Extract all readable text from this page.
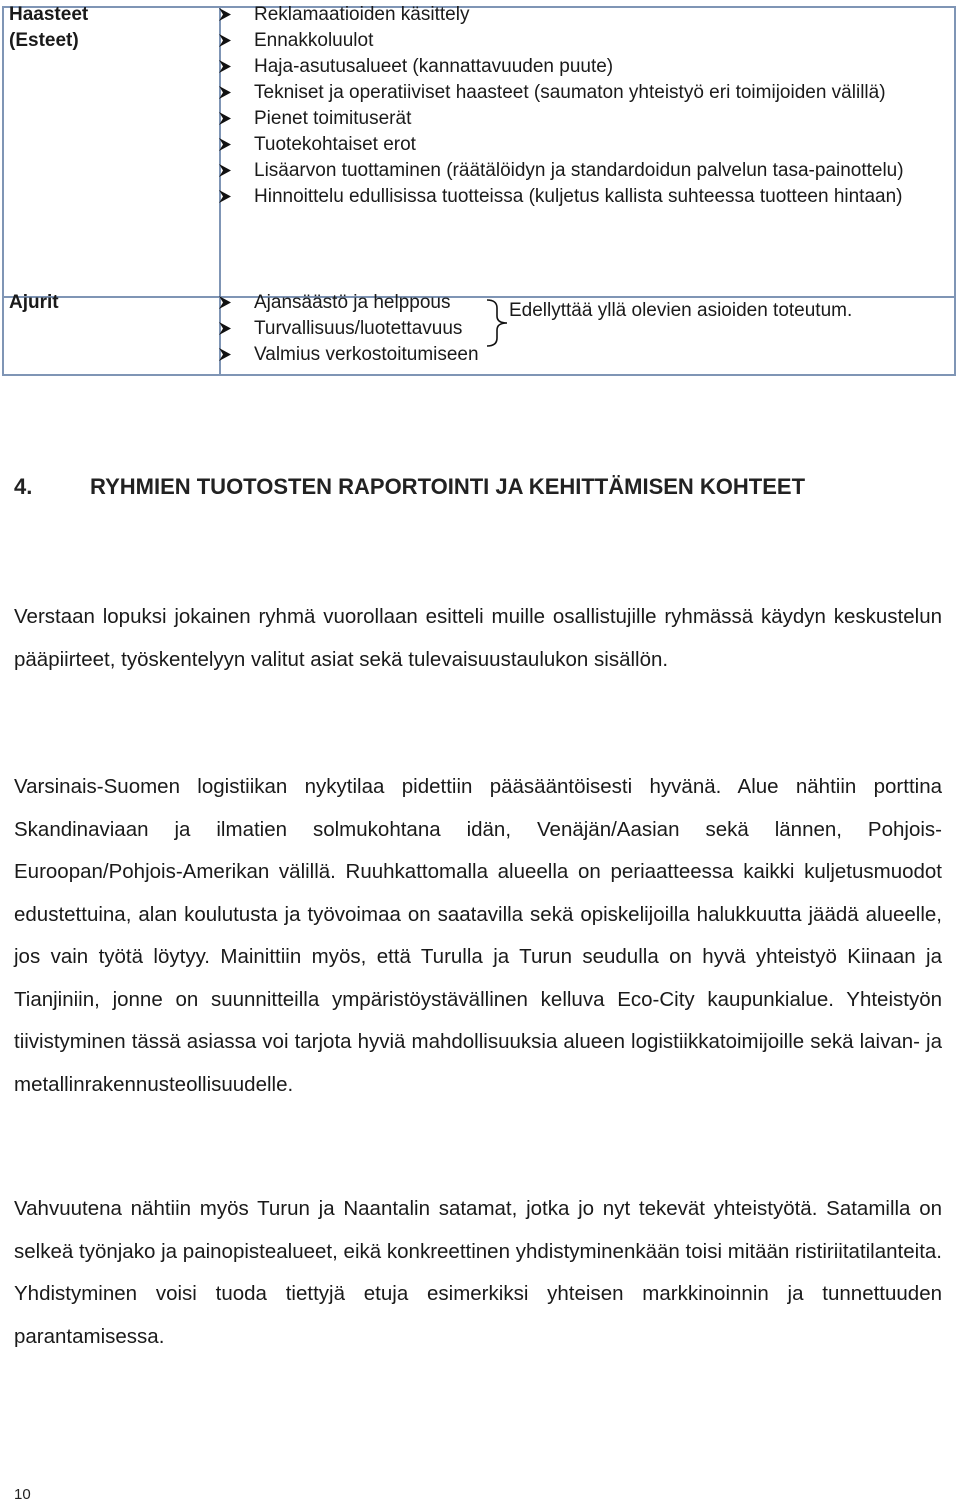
Haasteet
(Esteet)
Ajurit
Reklamaatioiden käsittely
Ennakkoluulot
Haja-asutusalueet (kannattavuuden puute)
Tekniset ja operatiiviset haasteet (saumaton yhteistyö eri toimijoiden välillä)
Pienet toimituserät
Tuotekohtaiset erot
Lisäarvon tuottaminen (räätälöidyn ja standardoidun palvelun tasa-painottelu)
Hinnoittelu edullisissa tuotteissa (kuljetus kallista suhteessa tuotteen hintaan)
Ajansäästö ja helppous
Turvallisuus/luotettavuus
Valmius verkostoitumiseen
Edellyttää yllä olevien asioiden toteutum.
4.	RYHMIEN TUOTOSTEN RAPORTOINTI JA KEHITTÄMISEN KOHTEET

Verstaan lopuksi jokainen ryhmä vuorollaan esitteli muille osallistujille ryhmässä käydyn keskustelun pääpiirteet, työskentelyyn valitut asiat sekä tulevaisuustaulukon sisällön.

Varsinais-Suomen logistiikan nykytilaa pidettiin pääsääntöisesti hyvänä. Alue nähtiin porttina Skandinaviaan ja ilmatien solmukohtana idän, Venäjän/Aasian sekä lännen, Pohjois-Euroopan/Pohjois-Amerikan välillä. Ruuhkattomalla alueella on periaatteessa kaikki kuljetusmuodot edustettuina, alan koulutusta ja työvoimaa on saatavilla sekä opiskelijoilla halukkuutta jäädä alueelle, jos vain työtä löytyy. Mainittiin myös, että Turulla ja Turun seudulla on hyvä yhteistyö Kiinaan ja Tianjiniin, jonne on suunnitteilla ympäristöystävällinen kelluva Eco-City kaupunkialue. Yhteistyön tiivistyminen tässä asiassa voi tarjota hyviä mahdollisuuksia alueen logistiikkatoimijoille sekä laivan- ja metallinrakennusteollisuudelle.

Vahvuutena nähtiin myös Turun ja Naantalin satamat, jotka jo nyt tekevät yhteistyötä. Satamilla on selkeä työnjako ja painopistealueet, eikä konkreettinen yhdistyminenkään toisi mitään ristiriitatilanteita. Yhdistyminen voisi tuoda tiettyjä etuja esimerkiksi yhteisen markkinoinnin ja tunnettuuden parantamisessa.

10
